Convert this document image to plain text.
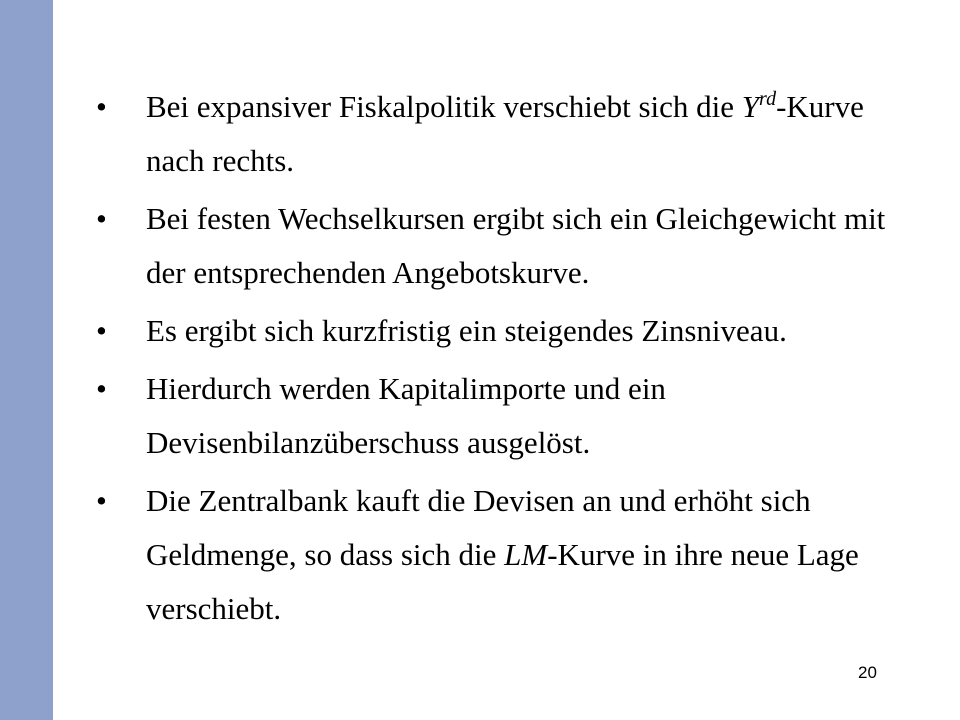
• Bei expansiver Fiskalpolitik verschiebt sich die $Y^{rd}$-Kurve nach rechts.
• Bei festen Wechselkursen ergibt sich ein Gleichgewicht mit der entsprechenden Angebotskurve.
• Es ergibt sich kurzfristig ein steigendes Zinsniveau.
• Hierdurch werden Kapitalimporte und ein Devisenbilanzüberschuss ausgelöst.
• Die Zentralbank kauft die Devisen an und erhöht sich Geldmenge, so dass sich die LM-Kurve in ihre neue Lage verschiebt.
20
